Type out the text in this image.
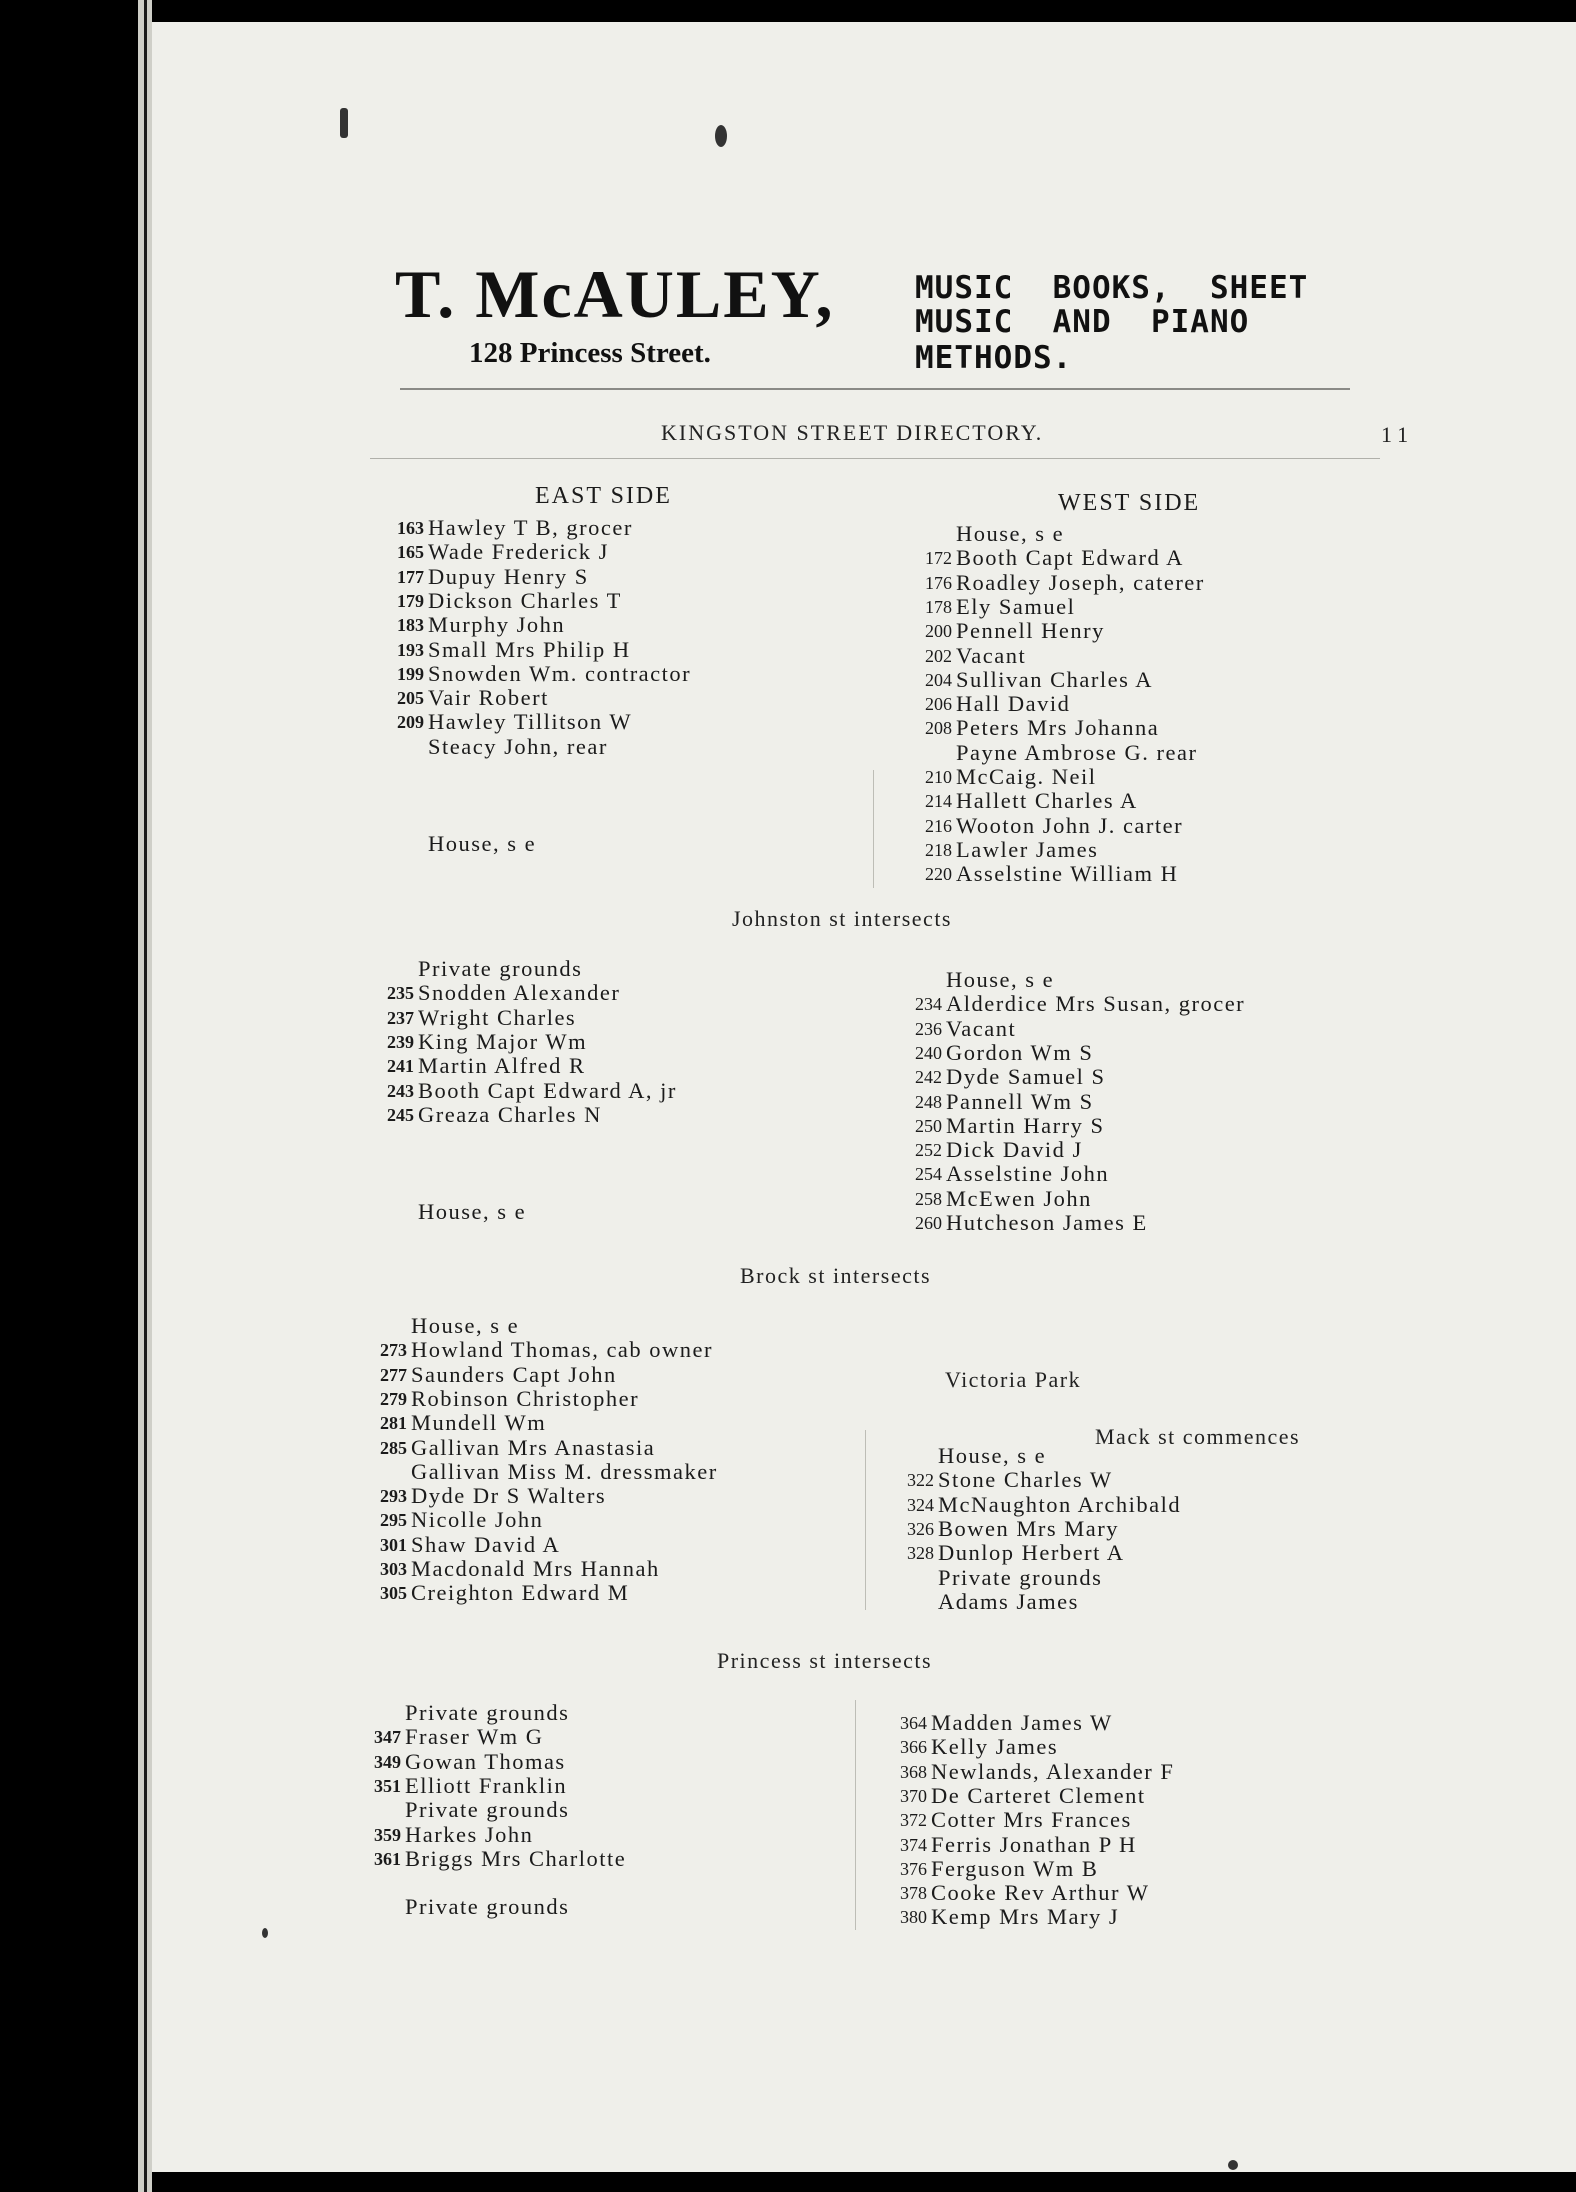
T. McAULEY,
128 Princess Street.
MUSIC  BOOKS,  SHEET
MUSIC  AND  PIANO
METHODS.
KINGSTON STREET DIRECTORY.	11
EAST SIDE	WEST SIDE
163 Hawley T B, grocer
165 Wade Frederick J
177 Dupuy Henry S
179 Dickson Charles T
183 Murphy John
193 Small Mrs Philip H
199 Snowden Wm. contractor
205 Vair Robert
209 Hawley Tillitson W
Steacy John, rear
House, s e
House, s e
172 Booth Capt Edward A
176 Roadley Joseph, caterer
178 Ely Samuel
200 Pennell Henry
202 Vacant
204 Sullivan Charles A
206 Hall David
208 Peters Mrs Johanna
Payne Ambrose G. rear
210 McCaig. Neil
214 Hallett Charles A
216 Wooton John J. carter
218 Lawler James
220 Asselstine William H
Johnston st intersects
Private grounds
235 Snodden Alexander
237 Wright Charles
239 King Major Wm
241 Martin Alfred R
243 Booth Capt Edward A, jr
245 Greaza Charles N
House, s e
House, s e
234 Alderdice Mrs Susan, grocer
236 Vacant
240 Gordon Wm S
242 Dyde Samuel S
248 Pannell Wm S
250 Martin Harry S
252 Dick David J
254 Asselstine John
258 McEwen John
260 Hutcheson James E
Brock st intersects
House, s e
273 Howland Thomas, cab owner
277 Saunders Capt John
279 Robinson Christopher
281 Mundell Wm
285 Gallivan Mrs Anastasia
Gallivan Miss M. dressmaker
293 Dyde Dr S Walters
295 Nicolle John
301 Shaw David A
303 Macdonald Mrs Hannah
305 Creighton Edward M
House, s e
322 Stone Charles W
324 McNaughton Archibald
326 Bowen Mrs Mary
328 Dunlop Herbert A
Private grounds
Adams James
Victoria Park
Mack st commences
Princess st intersects
Private grounds
347 Fraser Wm G
349 Gowan Thomas
351 Elliott Franklin
Private grounds
359 Harkes John
361 Briggs Mrs Charlotte
Private grounds
364 Madden James W
366 Kelly James
368 Newlands, Alexander F
370 De Carteret Clement
372 Cotter Mrs Frances
374 Ferris Jonathan P H
376 Ferguson Wm B
378 Cooke Rev Arthur W
380 Kemp Mrs Mary J
